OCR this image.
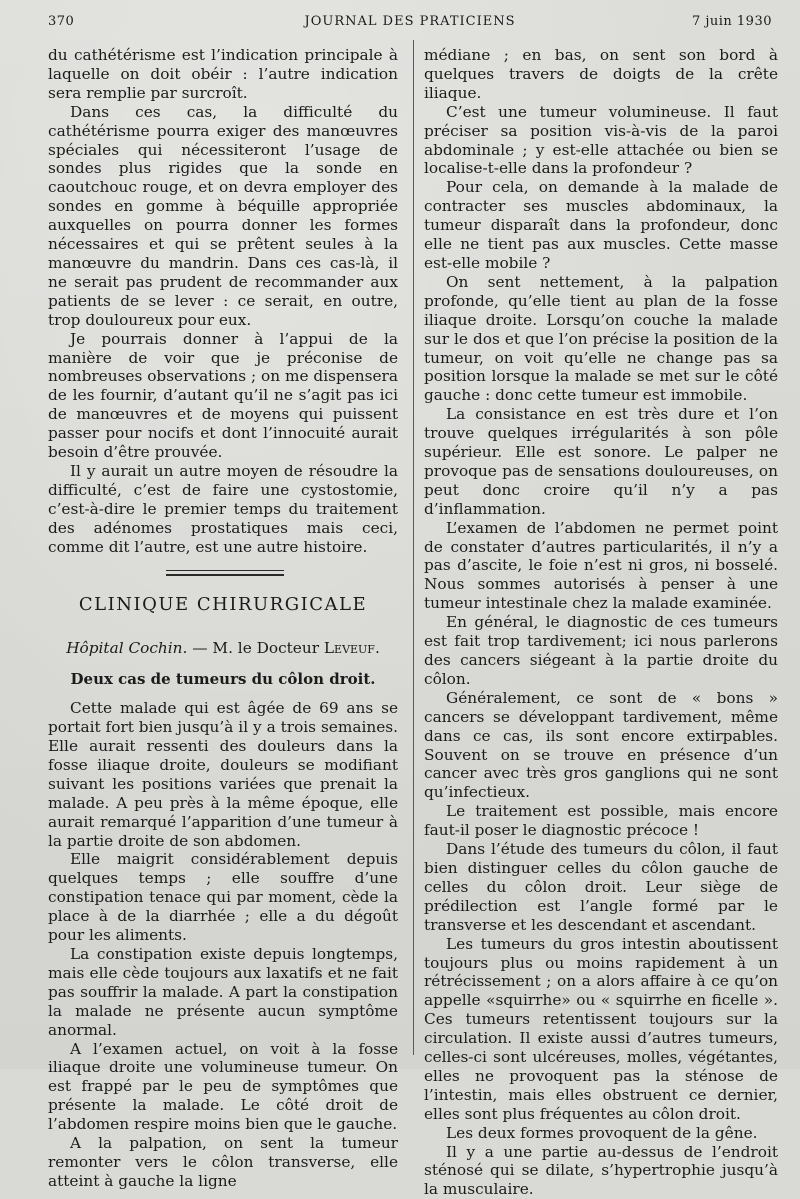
370	JOURNAL DES PRATICIENS	7 juin 1930

du cathétérisme est l’indication principale à laquelle on doit obéir : l’autre indication sera remplie par surcroît.

Dans ces cas, la difficulté du cathétérisme pourra exiger des manœuvres spéciales qui nécessiteront l’usage de sondes plus rigides que la sonde en caoutchouc rouge, et on devra employer des sondes en gomme à béquille appropriée auxquelles on pourra donner les formes nécessaires et qui se prêtent seules à la manœuvre du mandrin. Dans ces cas-là, il ne serait pas prudent de recommander aux patients de se lever : ce serait, en outre, trop douloureux pour eux.

Je pourrais donner à l’appui de la manière de voir que je préconise de nombreuses observations ; on me dispensera de les fournir, d’autant qu’il ne s’agit pas ici de manœuvres et de moyens qui puissent passer pour nocifs et dont l’innocuité aurait besoin d’être prouvée.

Il y aurait un autre moyen de résoudre la difficulté, c’est de faire une cystostomie, c’est-à-dire le premier temps du traitement des adénomes prostatiques mais ceci, comme dit l’autre, est une autre histoire.

CLINIQUE CHIRURGICALE
Hôpital Cochin. — M. le Docteur Leveuf.
Deux cas de tumeurs du côlon droit.

Cette malade qui est âgée de 69 ans se portait fort bien jusqu’à il y a trois semaines. Elle aurait ressenti des douleurs dans la fosse iliaque droite, douleurs se modifiant suivant les positions variées que prenait la malade. A peu près à la même époque, elle aurait remarqué l’apparition d’une tumeur à la partie droite de son abdomen.

Elle maigrit considérablement depuis quelques temps ; elle souffre d’une constipation tenace qui par moment, cède la place à de la diarrhée ; elle a du dégoût pour les aliments.

La constipation existe depuis longtemps, mais elle cède toujours aux laxatifs et ne fait pas souffrir la malade. A part la constipation la malade ne présente aucun symptôme anormal.

A l’examen actuel, on voit à la fosse iliaque droite une volumineuse tumeur. On est frappé par le peu de symptômes que présente la malade. Le côté droit de l’abdomen respire moins bien que le gauche.

A la palpation, on sent la tumeur remonter vers le côlon transverse, elle atteint à gauche la ligne

médiane ; en bas, on sent son bord à quelques travers de doigts de la crête iliaque.

C’est une tumeur volumineuse. Il faut préciser sa position vis-à-vis de la paroi abdominale ; y est-elle attachée ou bien se localise-t-elle dans la profondeur ?

Pour cela, on demande à la malade de contracter ses muscles abdominaux, la tumeur disparaît dans la profondeur, donc elle ne tient pas aux muscles. Cette masse est-elle mobile ?

On sent nettement, à la palpation profonde, qu’elle tient au plan de la fosse iliaque droite. Lorsqu’on couche la malade sur le dos et que l’on précise la position de la tumeur, on voit qu’elle ne change pas sa position lorsque la malade se met sur le côté gauche : donc cette tumeur est immobile.

La consistance en est très dure et l’on trouve quelques irrégularités à son pôle supérieur. Elle est sonore. Le palper ne provoque pas de sensations douloureuses, on peut donc croire qu’il n’y a pas d’inflammation.

L’examen de l’abdomen ne permet point de constater d’autres particularités, il n’y a pas d’ascite, le foie n’est ni gros, ni bosselé. Nous sommes autorisés à penser à une tumeur intestinale chez la malade examinée.

En général, le diagnostic de ces tumeurs est fait trop tardivement; ici nous parlerons des cancers siégeant à la partie droite du côlon.

Généralement, ce sont de « bons » cancers se développant tardivement, même dans ce cas, ils sont encore extirpables. Souvent on se trouve en présence d’un cancer avec très gros ganglions qui ne sont qu’infectieux.

Le traitement est possible, mais encore faut-il poser le diagnostic précoce !

Dans l’étude des tumeurs du côlon, il faut bien distinguer celles du côlon gauche de celles du côlon droit. Leur siège de prédilection est l’angle formé par le transverse et les descendant et ascendant.

Les tumeurs du gros intestin aboutissent toujours plus ou moins rapidement à un rétrécissement ; on a alors affaire à ce qu’on appelle «squirrhe» ou « squirrhe en ficelle ». Ces tumeurs retentissent toujours sur la circulation. Il existe aussi d’autres tumeurs, celles-ci sont ulcéreuses, molles, végétantes, elles ne provoquent pas la sténose de l’intestin, mais elles obstruent ce dernier, elles sont plus fréquentes au côlon droit.

Les deux formes provoquent de la gêne.

Il y a une partie au-dessus de l’endroit sténosé qui se dilate, s’hypertrophie jusqu’à la musculaire.
